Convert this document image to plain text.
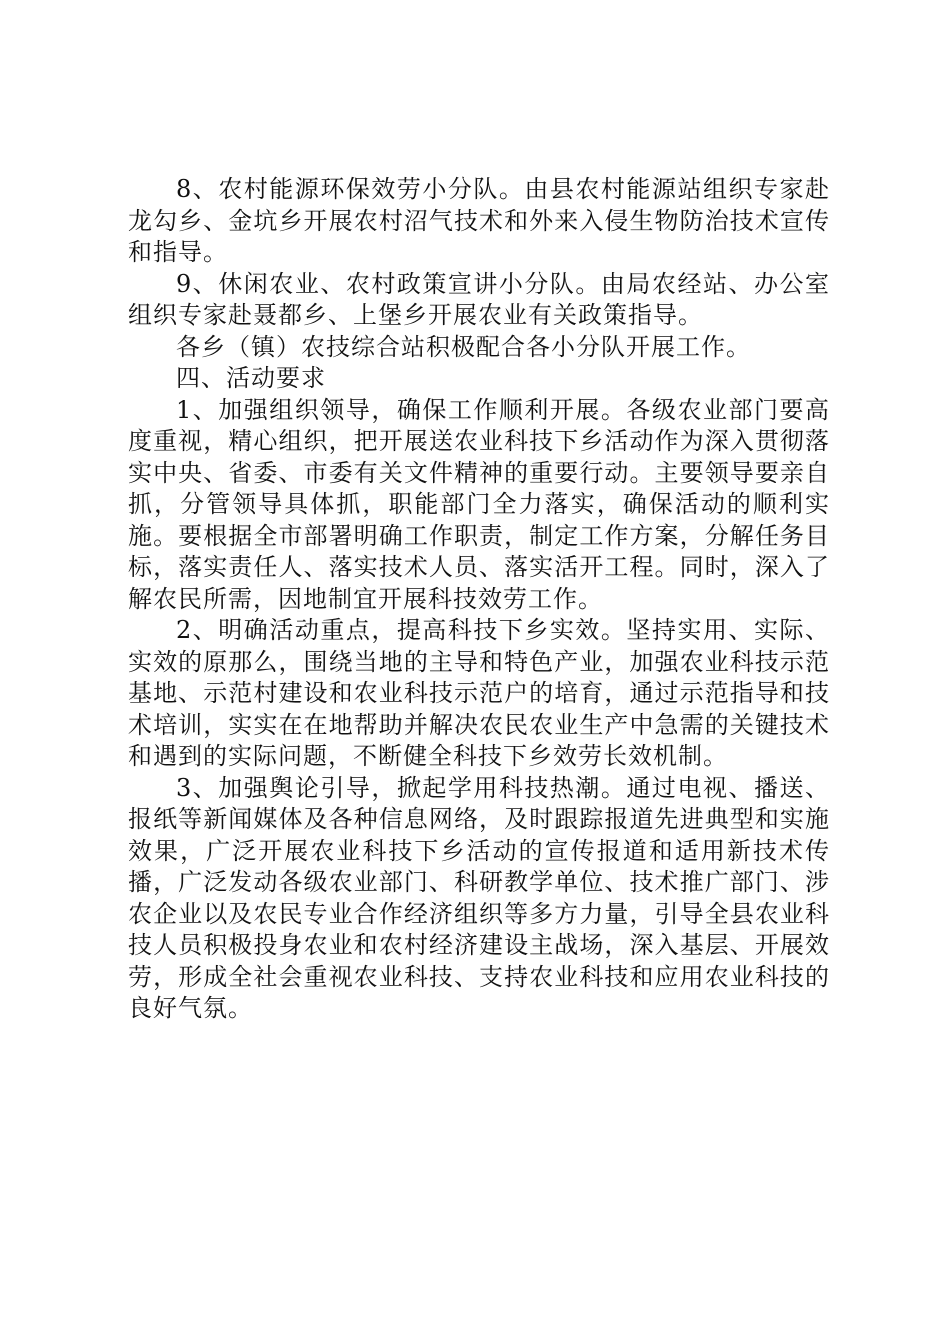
8、农村能源环保效劳小分队。由县农村能源站组织专家赴龙勾乡、金坑乡开展农村沼气技术和外来入侵生物防治技术宣传和指导。

9、休闲农业、农村政策宣讲小分队。由局农经站、办公室组织专家赴聂都乡、上堡乡开展农业有关政策指导。

各乡（镇）农技综合站积极配合各小分队开展工作。

四、活动要求

1、加强组织领导，确保工作顺利开展。各级农业部门要高度重视，精心组织，把开展送农业科技下乡活动作为深入贯彻落实中央、省委、市委有关文件精神的重要行动。主要领导要亲自抓，分管领导具体抓，职能部门全力落实，确保活动的顺利实施。要根据全市部署明确工作职责，制定工作方案，分解任务目标，落实责任人、落实技术人员、落实活开工程。同时，深入了解农民所需，因地制宜开展科技效劳工作。

2、明确活动重点，提高科技下乡实效。坚持实用、实际、实效的原那么，围绕当地的主导和特色产业，加强农业科技示范基地、示范村建设和农业科技示范户的培育，通过示范指导和技术培训，实实在在地帮助并解决农民农业生产中急需的关键技术和遇到的实际问题，不断健全科技下乡效劳长效机制。

3、加强舆论引导，掀起学用科技热潮。通过电视、播送、报纸等新闻媒体及各种信息网络，及时跟踪报道先进典型和实施效果，广泛开展农业科技下乡活动的宣传报道和适用新技术传播，广泛发动各级农业部门、科研教学单位、技术推广部门、涉农企业以及农民专业合作经济组织等多方力量，引导全县农业科技人员积极投身农业和农村经济建设主战场，深入基层、开展效劳，形成全社会重视农业科技、支持农业科技和应用农业科技的良好气氛。
